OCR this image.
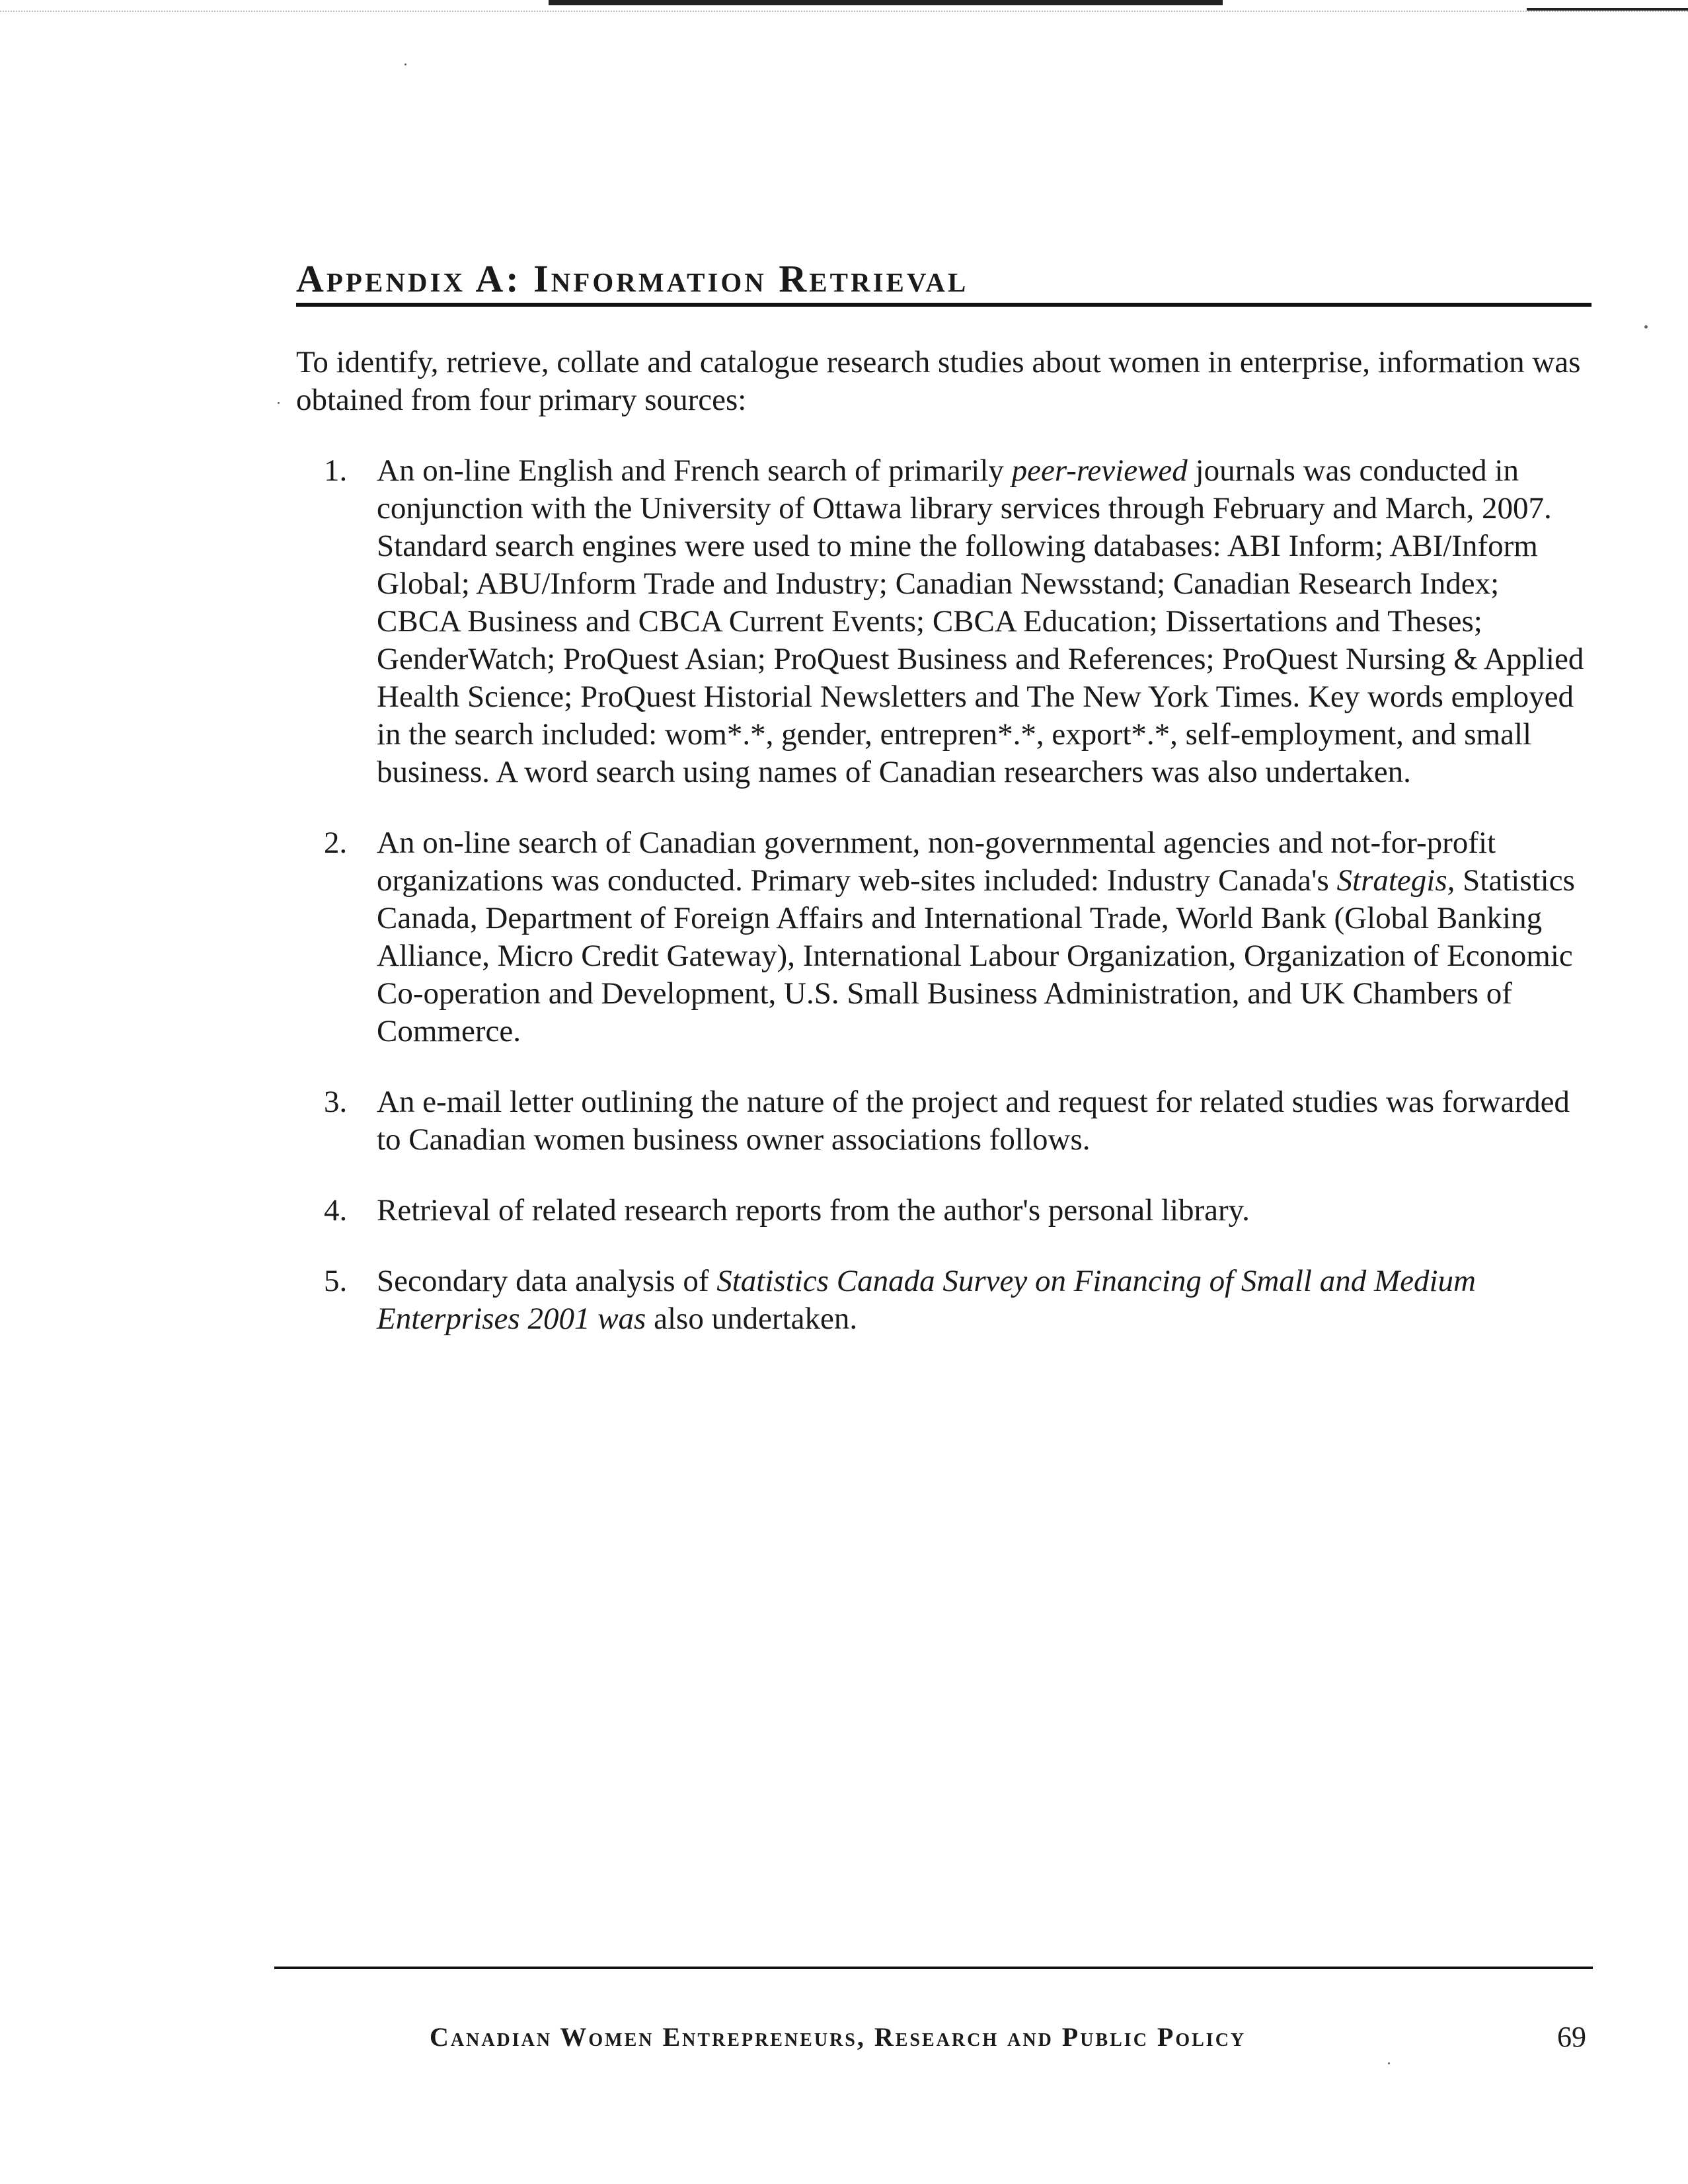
Appendix A: Information Retrieval

To identify, retrieve, collate and catalogue research studies about women in enterprise, information was obtained from four primary sources:

1. An on-line English and French search of primarily peer-reviewed journals was conducted in conjunction with the University of Ottawa library services through February and March, 2007. Standard search engines were used to mine the following databases: ABI Inform; ABI/Inform Global; ABU/Inform Trade and Industry; Canadian Newsstand; Canadian Research Index; CBCA Business and CBCA Current Events; CBCA Education; Dissertations and Theses; GenderWatch; ProQuest Asian; ProQuest Business and References; ProQuest Nursing & Applied Health Science; ProQuest Historial Newsletters and The New York Times. Key words employed in the search included: wom*.*, gender, entrepren*.*, export*.*, self-employment, and small business. A word search using names of Canadian researchers was also undertaken.
2. An on-line search of Canadian government, non-governmental agencies and not-for-profit organizations was conducted. Primary web-sites included: Industry Canada's Strategis, Statistics Canada, Department of Foreign Affairs and International Trade, World Bank (Global Banking Alliance, Micro Credit Gateway), International Labour Organization, Organization of Economic Co-operation and Development, U.S. Small Business Administration, and UK Chambers of Commerce.
3. An e-mail letter outlining the nature of the project and request for related studies was forwarded to Canadian women business owner associations follows.
4. Retrieval of related research reports from the author's personal library.
5. Secondary data analysis of Statistics Canada Survey on Financing of Small and Medium Enterprises 2001 was also undertaken.
Canadian Women Entrepreneurs, Research and Public Policy	69
